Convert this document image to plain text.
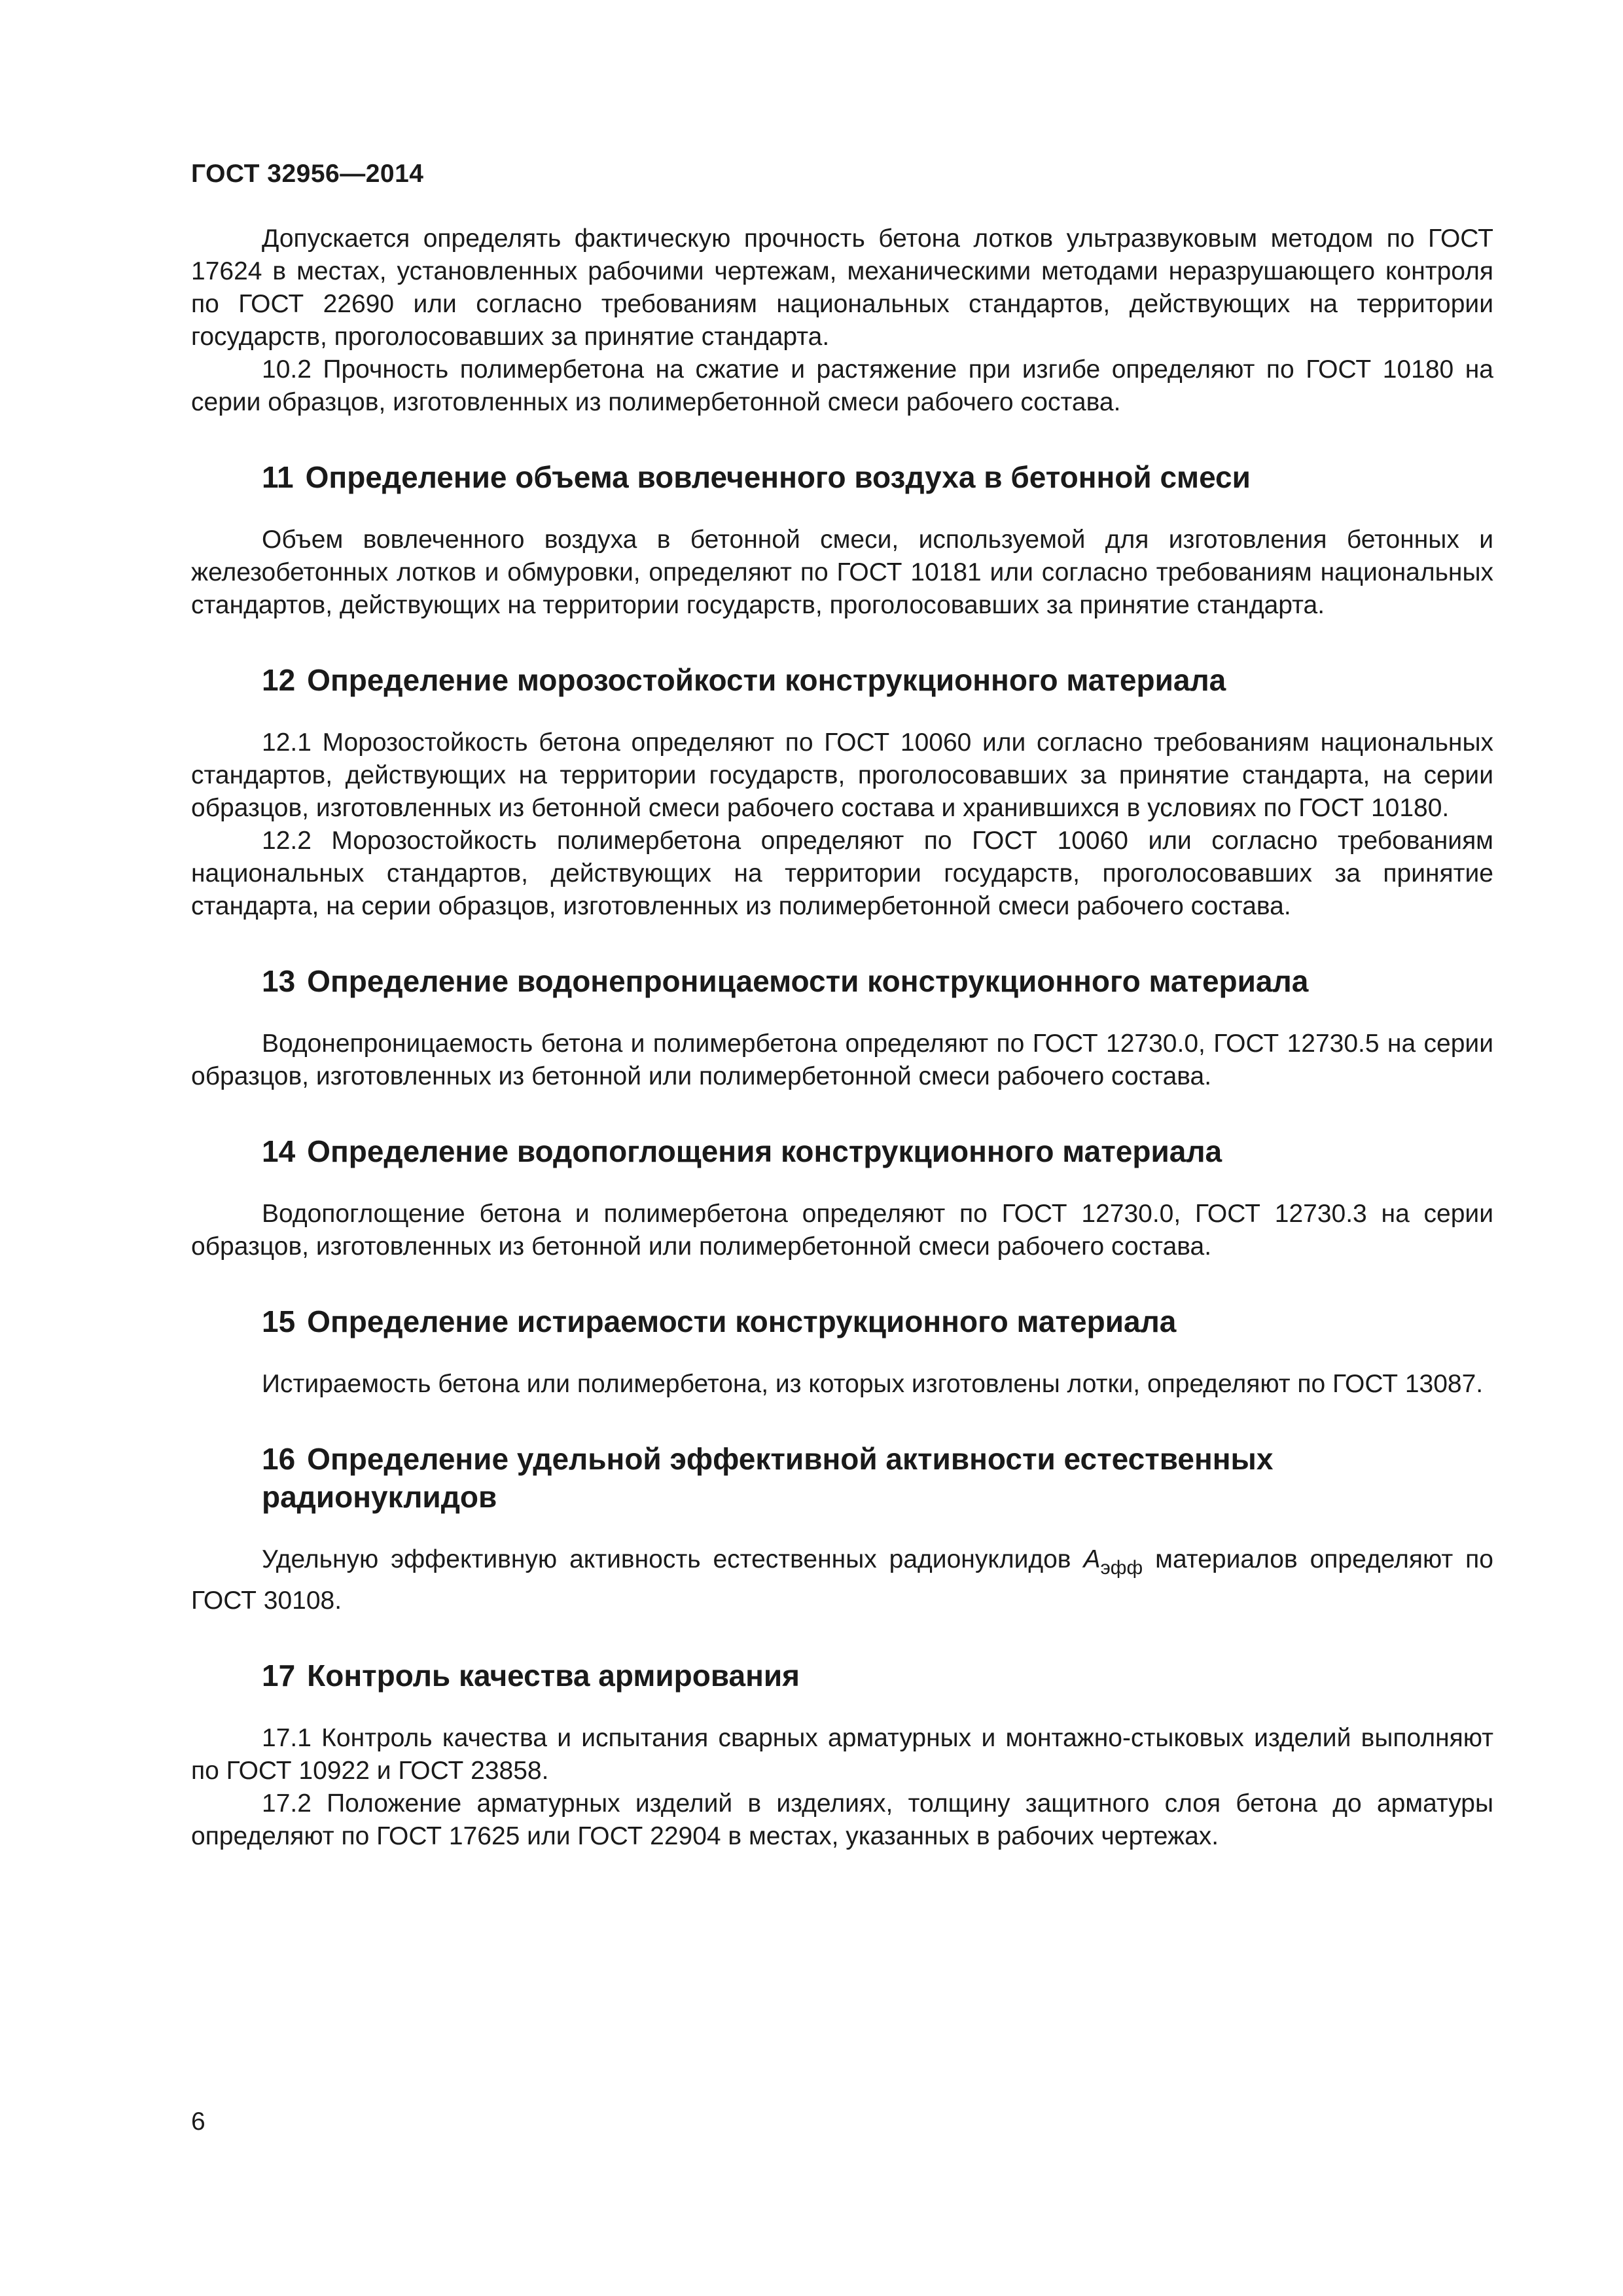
ГОСТ 32956—2014

Допускается определять фактическую прочность бетона лотков ультразвуковым методом по ГОСТ 17624 в местах, установленных рабочими чертежам, механическими методами неразрушающего контроля по ГОСТ 22690 или согласно требованиям национальных стандартов, действующих на территории государств, проголосовавших за принятие стандарта.

10.2 Прочность полимербетона на сжатие и растяжение при изгибе определяют по ГОСТ 10180 на серии образцов, изготовленных из полимербетонной смеси рабочего состава.

11 Определение объема вовлеченного воздуха в бетонной смеси

Объем вовлеченного воздуха в бетонной смеси, используемой для изготовления бетонных и железобетонных лотков и обмуровки, определяют по ГОСТ 10181 или согласно требованиям национальных стандартов, действующих на территории государств, проголосовавших за принятие стандарта.

12 Определение морозостойкости конструкционного материала

12.1 Морозостойкость бетона определяют по ГОСТ 10060 или согласно требованиям национальных стандартов, действующих на территории государств, проголосовавших за принятие стандарта, на серии образцов, изготовленных из бетонной смеси рабочего состава и хранившихся в условиях по ГОСТ 10180.

12.2 Морозостойкость полимербетона определяют по ГОСТ 10060 или согласно требованиям национальных стандартов, действующих на территории государств, проголосовавших за принятие стандарта, на серии образцов, изготовленных из полимербетонной смеси рабочего состава.

13 Определение водонепроницаемости конструкционного материала

Водонепроницаемость бетона и полимербетона определяют по ГОСТ 12730.0, ГОСТ 12730.5 на серии образцов, изготовленных из бетонной или полимербетонной смеси рабочего состава.

14 Определение водопоглощения конструкционного материала

Водопоглощение бетона и полимербетона определяют по ГОСТ 12730.0, ГОСТ 12730.3 на серии образцов, изготовленных из бетонной или полимербетонной смеси рабочего состава.

15 Определение истираемости конструкционного материала

Истираемость бетона или полимербетона, из которых изготовлены лотки, определяют по ГОСТ 13087.

16 Определение удельной эффективной активности естественных радионуклидов

Удельную эффективную активность естественных радионуклидов $A_{эфф}$ материалов определяют по ГОСТ 30108.

17 Контроль качества армирования

17.1 Контроль качества и испытания сварных арматурных и монтажно-стыковых изделий выполняют по ГОСТ 10922 и ГОСТ 23858.

17.2 Положение арматурных изделий в изделиях, толщину защитного слоя бетона до арматуры определяют по ГОСТ 17625 или ГОСТ 22904 в местах, указанных в рабочих чертежах.

6
